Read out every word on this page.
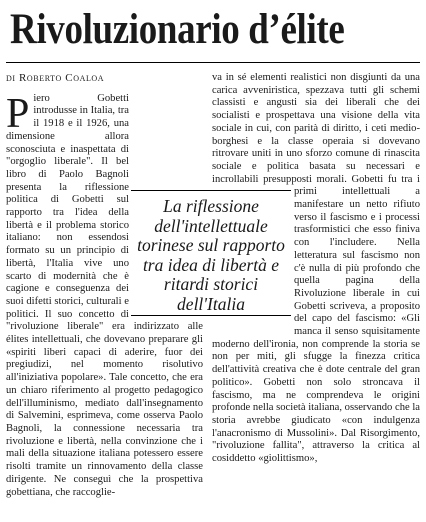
Rivoluzionario d’élite
di Roberto Coaloa
P iero Gobetti introdusse in Italia, tra il 1918 e il 1926, una dimensione allora sconosciuta e inaspettata di "orgoglio liberale". Il bel libro di Paolo Bagnoli presenta la riflessione politica di Gobetti sul rapporto tra l'idea della libertà e il problema storico italiano: non essendosi formato su un principio di libertà, l'Italia vive uno scarto di modernità che è cagione e conseguenza dei suoi difetti storici, culturali e politici. Il suo concetto di "rivoluzione liberale" era indirizzato alle élites intellettuali, che dovevano preparare gli «spiriti liberi capaci di aderire, fuor dei pregiudizi, nel momento risolutivo all'iniziativa popolare». Tale concetto, che era un chiaro riferimento al progetto pedagogico dell'illuminismo, mediato dall'insegnamento di Salvemini, esprimeva, come osserva Paolo Bagnoli, la connessione necessaria tra rivoluzione e libertà, nella convinzione che i mali della situazione italiana potessero essere risolti tramite un rinnovamento della classe dirigente. Ne conseguì che la prospettiva gobettiana, che raccoglie-

va in sé elementi realistici non disgiunti da una carica avveniristica, spezzava tutti gli schemi classisti e angusti sia dei liberali che dei socialisti e prospettava una visione della vita sociale in cui, con parità di diritto, i ceti medio-borghesi e la classe operaia si dovevano ritrovare uniti in uno sforzo comune di rinascita sociale e politica basata su necessari e incrollabili presupposti morali. Gobetti fu tra i primi intellettuali a manifestare un netto rifiuto verso il fascismo e i processi trasformistici che esso finiva con l'includere. Nella letteratura sul fascismo non c'è nulla di più profondo che quella pagina della Rivoluzione liberale in cui Gobetti scriveva, a proposito del capo del fascismo: «Gli manca il senso squisitamente moderno dell'ironia, non comprende la storia se non per miti, gli sfugge la finezza critica dell'attività creativa che è dote centrale del gran politico». Gobetti non solo stroncava il fascismo, ma ne comprendeva le origini profonde nella società italiana, osservando che la storia avrebbe giudicato «con indulgenza l'anacronismo di Mussolini». Dal Risorgimento, "rivoluzione fallita", attraverso la critica al cosiddetto «giolittismo»,

La riflessione dell'intellettuale torinese sul rapporto tra idea di libertà e ritardi storici dell'Italia
